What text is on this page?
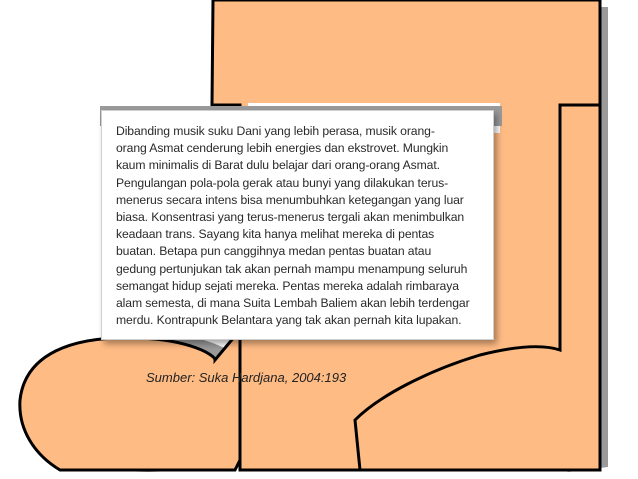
Dibanding musik suku Dani yang lebih perasa, musik orang-
orang Asmat cenderung lebih energies dan ekstrovet. Mungkin
kaum minimalis di Barat dulu belajar dari orang-orang Asmat.
Pengulangan pola-pola gerak atau bunyi yang dilakukan terus-
menerus secara intens bisa menumbuhkan ketegangan yang luar
biasa. Konsentrasi yang terus-menerus tergali akan menimbulkan
keadaan trans. Sayang kita hanya melihat mereka di pentas
buatan. Betapa pun canggihnya medan pentas buatan atau
gedung pertunjukan tak akan pernah mampu menampung seluruh
semangat hidup sejati mereka. Pentas mereka adalah rimbaraya
alam semesta, di mana Suita Lembah Baliem akan lebih terdengar
merdu. Kontrapunk Belantara yang tak akan pernah kita lupakan.
Sumber: Suka Hardjana, 2004:193
